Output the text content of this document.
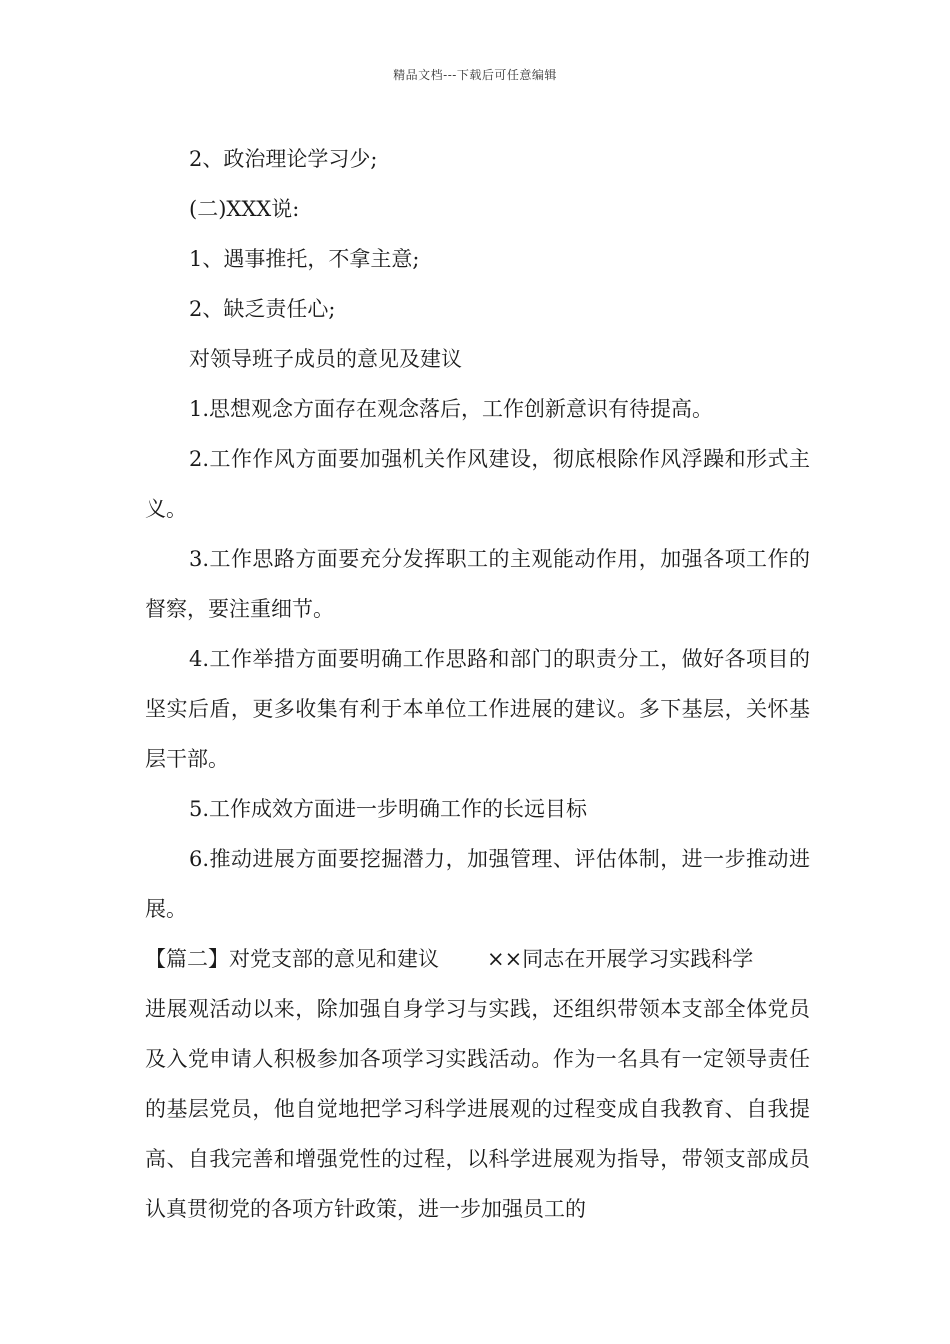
精品文档---下载后可任意编辑

2、政治理论学习少;

(二)XXX说:

1、遇事推托，不拿主意;

2、缺乏责任心;

对领导班子成员的意见及建议

1.思想观念方面存在观念落后，工作创新意识有待提高。

2.工作作风方面要加强机关作风建设，彻底根除作风浮躁和形式主义。

3.工作思路方面要充分发挥职工的主观能动作用，加强各项工作的督察，要注重细节。

4.工作举措方面要明确工作思路和部门的职责分工，做好各项目的坚实后盾，更多收集有利于本单位工作进展的建议。多下基层，关怀基层干部。

5.工作成效方面进一步明确工作的长远目标

6.推动进展方面要挖掘潜力，加强管理、评估体制，进一步推动进展。

【篇二】对党支部的意见和建议 ××同志在开展学习实践科学

进展观活动以来，除加强自身学习与实践，还组织带领本支部全体党员及入党申请人积极参加各项学习实践活动。作为一名具有一定领导责任的基层党员，他自觉地把学习科学进展观的过程变成自我教育、自我提高、自我完善和增强党性的过程，以科学进展观为指导，带领支部成员认真贯彻党的各项方针政策，进一步加强员工的
